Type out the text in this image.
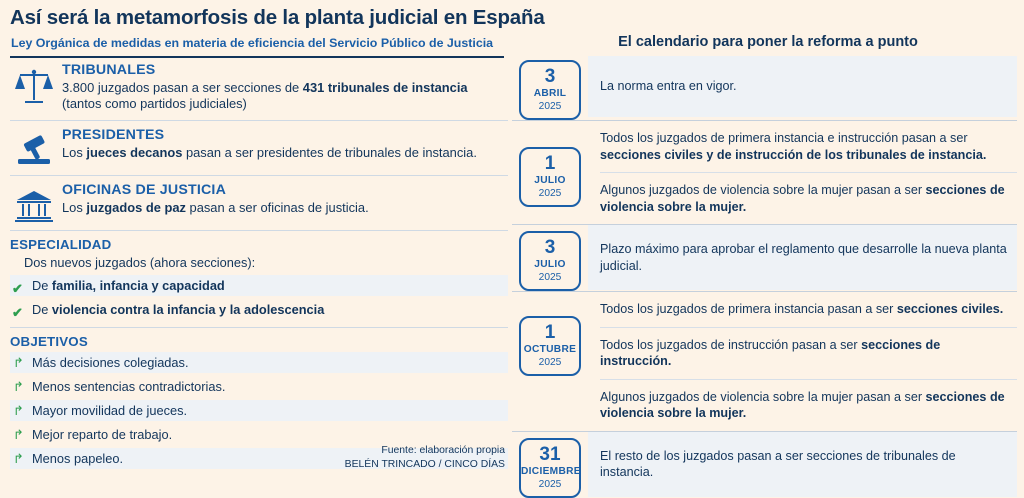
Así será la metamorfosis de la planta judicial en España
Ley Orgánica de medidas en materia de eficiencia del Servicio Público de Justicia	El calendario para poner la reforma a punto
TRIBUNALES

3.800 juzgados pasan a ser secciones de 431 tribunales de instancia
(tantos como partidos judiciales)

PRESIDENTES

Los jueces decanos pasan a ser presidentes de tribunales de instancia.

OFICINAS DE JUSTICIA

Los juzgados de paz pasan a ser oficinas de justicia.

ESPECIALIDAD
Dos nuevos juzgados (ahora secciones):
✔ De familia, infancia y capacidad
✔ De violencia contra la infancia y la adolescencia
OBJETIVOS
↱ Más decisiones colegiadas.
↱ Menos sentencias contradictorias.
↱ Mayor movilidad de jueces.
↱ Mejor reparto de trabajo.
↱ Menos papeleo.
Fuente: elaboración propia
BELÉN TRINCADO / CINCO DÍAS
3
ABRIL
2025
La norma entra en vigor.
1
JULIO
2025
Todos los juzgados de primera instancia e instrucción pasan a ser secciones civiles y de instrucción de los tribunales de instancia.
Algunos juzgados de violencia sobre la mujer pasan a ser secciones de violencia sobre la mujer.
3
JULIO
2025
Plazo máximo para aprobar el reglamento que desarrolle la nueva planta judicial.
1
OCTUBRE
2025
Todos los juzgados de primera instancia pasan a ser secciones civiles.
Todos los juzgados de instrucción pasan a ser secciones de instrucción.
Algunos juzgados de violencia sobre la mujer pasan a ser secciones de violencia sobre la mujer.
31
DICIEMBRE
2025
El resto de los juzgados pasan a ser secciones de tribunales de instancia.
